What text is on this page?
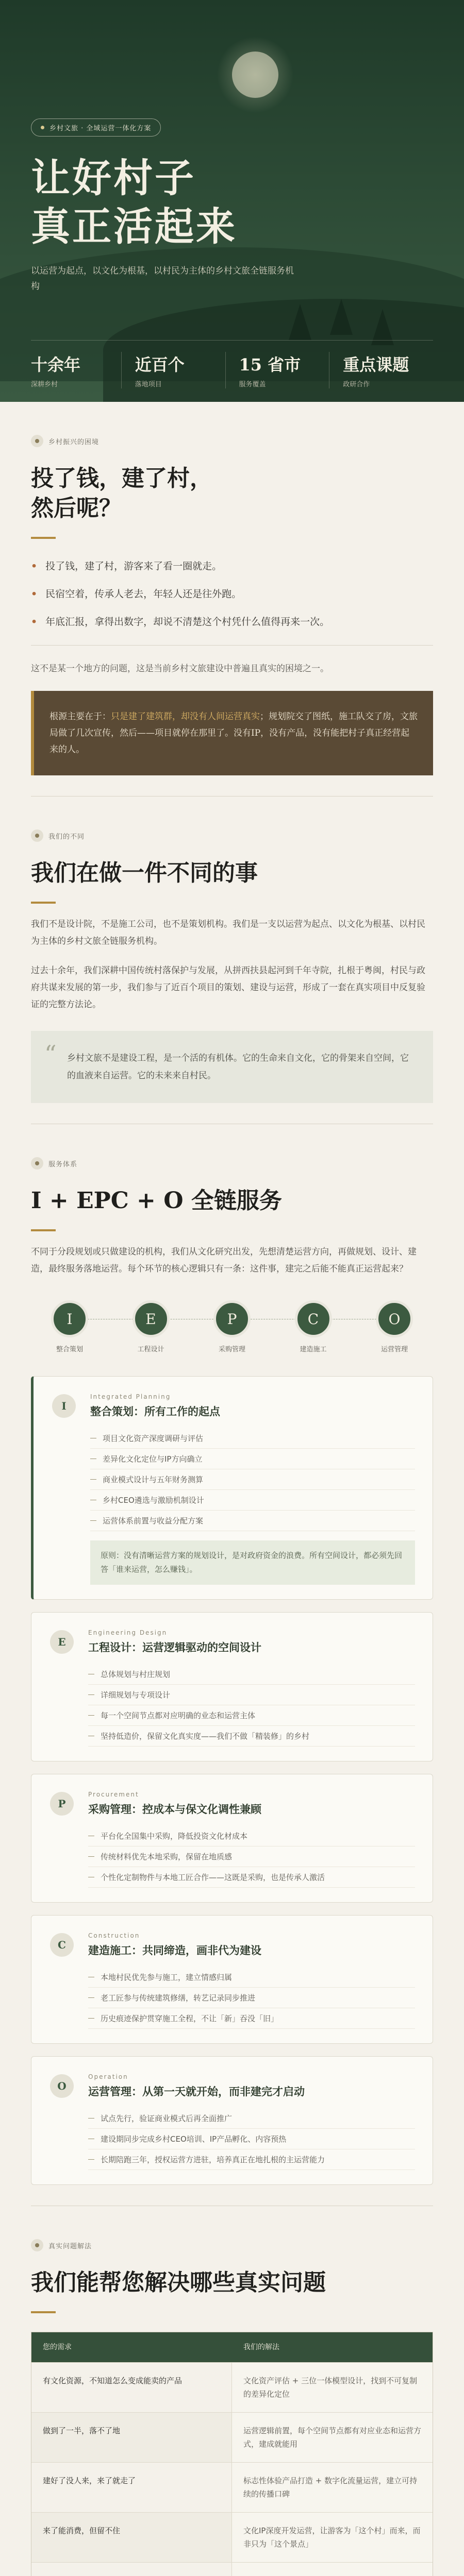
乡村文旅 · 全域运营一体化方案
让好村子
真正活起来

以运营为起点，以文化为根基，以村民为主体的乡村文旅全链服务机构

十余年
深耕乡村
近百个
落地项目
15 省市
服务覆盖
重点课题
政研合作
乡村振兴的困境
投了钱，建了村，
然后呢？
• 投了钱，建了村，游客来了看一圈就走。
• 民宿空着，传承人老去，年轻人还是往外跑。
• 年底汇报，拿得出数字，却说不清楚这个村凭什么值得再来一次。

这不是某一个地方的问题，这是当前乡村文旅建设中普遍且真实的困境之一。

根源主要在于：只是建了建筑群，却没有人间运营真实；规划院交了图纸，施工队交了房，文旅局做了几次宣传，然后——项目就停在那里了。没有IP，没有产品，没有能把村子真正经营起来的人。
我们的不同
我们在做一件不同的事

我们不是设计院，不是施工公司，也不是策划机构。我们是一支以运营为起点、以文化为根基、以村民为主体的乡村文旅全链服务机构。

过去十余年，我们深耕中国传统村落保护与发展，从拼西扶县起河到千年寺院，扎根于粤闽，村民与政府共谋来发展的第一步，我们参与了近百个项目的策划、建设与运营，形成了一套在真实项目中反复验证的完整方法论。

“ 乡村文旅不是建设工程，是一个活的有机体。它的生命来自文化，它的骨架来自空间，它的血液来自运营。它的未来来自村民。
服务体系
I + EPC + O 全链服务

不同于分段规划或只做建设的机构，我们从文化研究出发，先想清楚运营方向，再做规划、设计、建造，最终服务落地运营。每个环节的核心逻辑只有一条：这件事，建完之后能不能真正运营起来？

I
整合策划
E
工程设计
P
采购管理
C
建造施工
O
运营管理
I
Integrated Planning
整合策划：所有工作的起点
项目文化资产深度调研与评估
差异化文化定位与IP方向确立
商业模式设计与五年财务测算
乡村CEO遴选与激励机制设计
运营体系前置与收益分配方案
原则：没有清晰运营方案的规划设计，是对政府资金的浪费。所有空间设计，都必须先回答「谁来运营，怎么赚钱」。
E
Engineering Design
工程设计：运营逻辑驱动的空间设计
总体规划与村庄规划
详细规划与专项设计
每一个空间节点都对应明确的业态和运营主体
坚持低造价，保留文化真实度——我们不做「精装修」的乡村
P
Procurement
采购管理：控成本与保文化调性兼顾
平台化全国集中采购，降低投资文化材成本
传统材料优先本地采购，保留在地质感
个性化定制物件与本地工匠合作——这既是采购，也是传承人激活
C
Construction
建造施工：共同缔造，画非代为建设
本地村民优先参与施工，建立情感归属
老工匠参与传统建筑修缮，转艺记录同步推进
历史痕迹保护贯穿施工全程，不让「新」吞没「旧」
O
Operation
运营管理：从第一天就开始，而非建完才启动
试点先行，验证商业模式后再全面推广
建设期同步完成乡村CEO培训、IP产品孵化、内容预热
长期陪跑三年，授权运营方进驻，培养真正在地扎根的主运营能力
真实问题解法
我们能帮您解决哪些真实问题
您的需求	我们的解法
有文化资源，不知道怎么变成能卖的产品	文化资产评估 + 三位一体模型设计，找到不可复制的差异化定位
做到了一半，落不了地	运营逻辑前置，每个空间节点都有对应业态和运营方式，建成就能用
建好了没人来，来了就走了	标志性体验产品打造 + 数字化流量运营，建立可持续的传播口碑
来了能消费，但留不住	文化IP深度开发运营，让游客为「这个村」而来，而非只为「这个景点」
